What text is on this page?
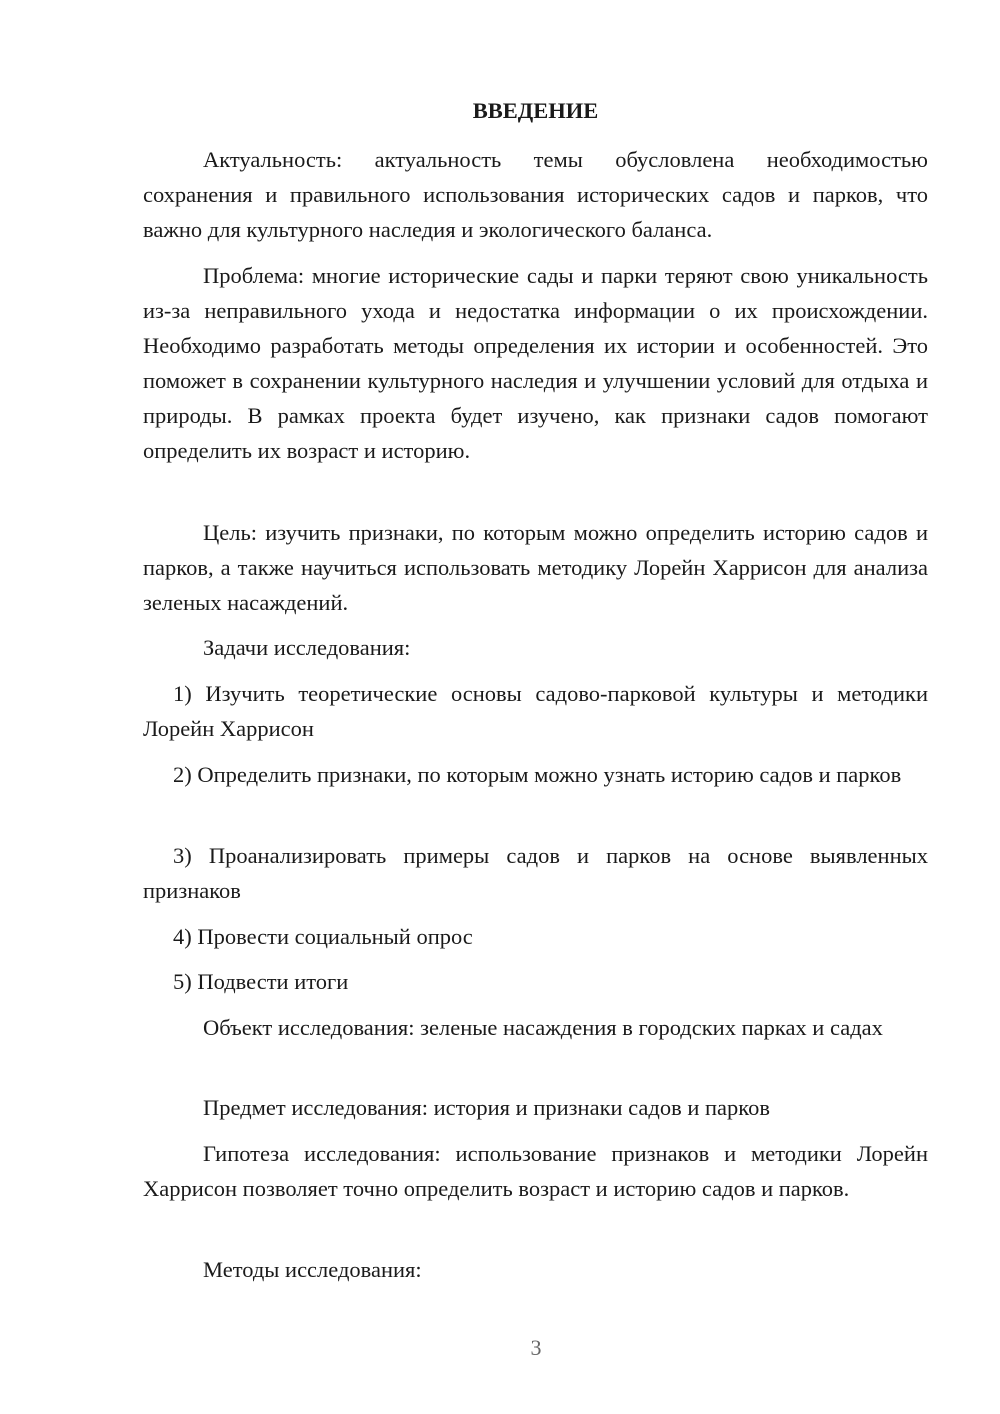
ВВЕДЕНИЕ

Актуальность: актуальность темы обусловлена необходимостью сохранения и правильного использования исторических садов и парков, что важно для культурного наследия и экологического баланса.

Проблема: многие исторические сады и парки теряют свою уникальность из-за неправильного ухода и недостатка информации о их происхождении. Необходимо разработать методы определения их истории и особенностей. Это поможет в сохранении культурного наследия и улучшении условий для отдыха и природы. В рамках проекта будет изучено, как признаки садов помогают определить их возраст и историю.

Цель: изучить признаки, по которым можно определить историю садов и парков, а также научиться использовать методику Лорейн Харрисон для анализа зеленых насаждений.

Задачи исследования:

1) Изучить теоретические основы садово-парковой культуры и методики Лорейн Харрисон

2) Определить признаки, по которым можно узнать историю садов и парков

3) Проанализировать примеры садов и парков на основе выявленных признаков

4) Провести социальный опрос

5) Подвести итоги

Объект исследования: зеленые насаждения в городских парках и садах

Предмет исследования: история и признаки садов и парков

Гипотеза исследования: использование признаков и методики Лорейн Харрисон позволяет точно определить возраст и историю садов и парков.

Методы исследования:

3
